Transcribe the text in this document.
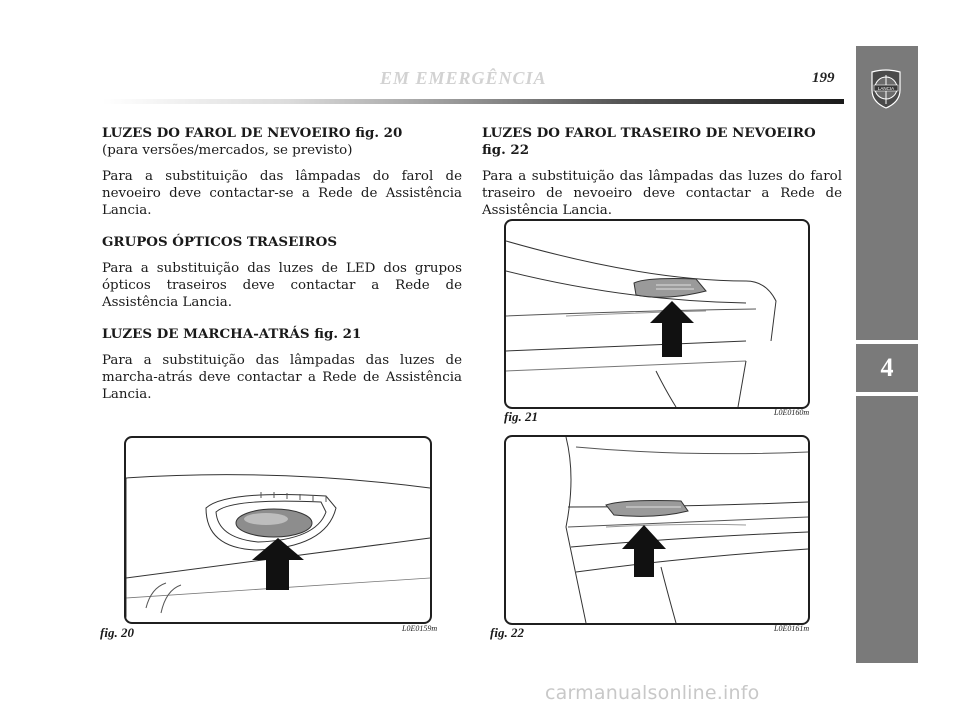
EM EMERGÊNCIA	199
4
LANCIA

LUZES DO FAROL DE NEVOEIRO fig. 20

(para versões/mercados, se previsto)

Para a substituição das lâmpadas do farol de nevoeiro deve contactar-se a Rede de Assistência Lancia.

GRUPOS ÓPTICOS TRASEIROS

Para a substituição das luzes de LED dos grupos ópticos traseiros deve contactar a Rede de Assistência Lancia.

LUZES DE MARCHA-ATRÁS fig. 21

Para a substituição das lâmpadas das luzes de marcha-atrás deve contactar a Rede de Assistência Lancia.

LUZES DO FAROL TRASEIRO DE NEVOEIRO

fig. 22

Para a substituição das lâmpadas das luzes do farol traseiro de nevoeiro deve contactar a Rede de Assistência Lancia.

fig. 20	L0E0159m
fig. 21	L0E0160m
fig. 22	L0E0161m
carmanualsonline.info
